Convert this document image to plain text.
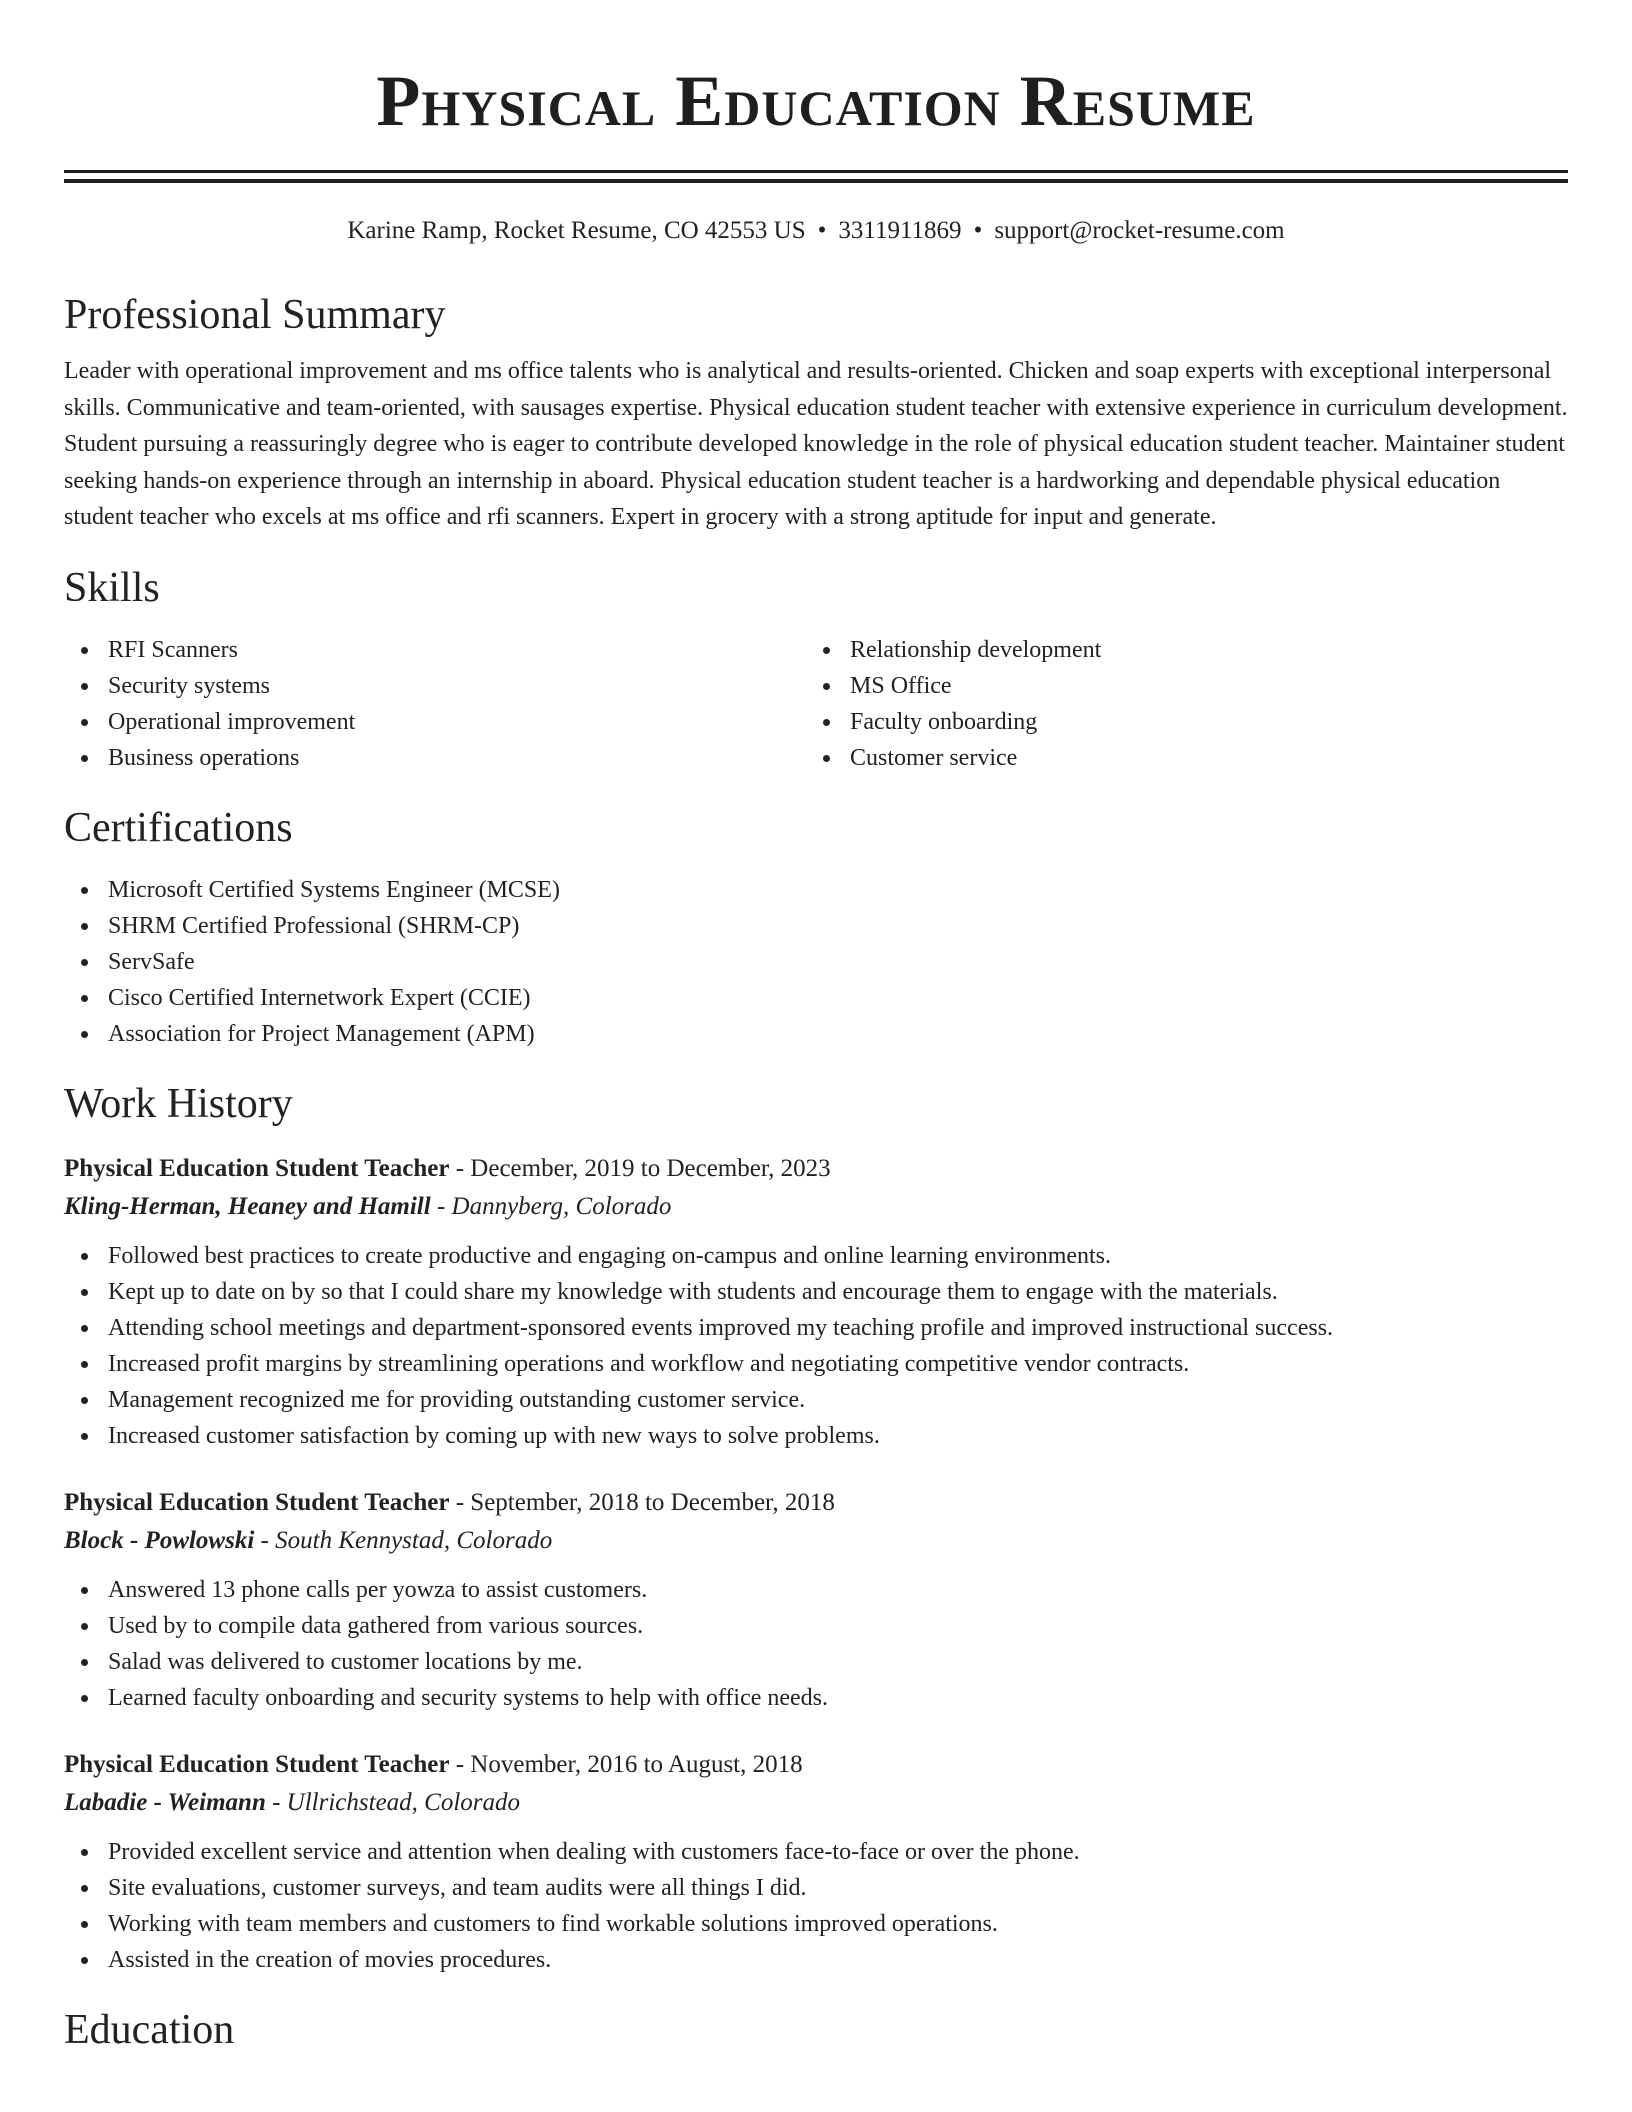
Physical Education Resume
Karine Ramp, Rocket Resume, CO 42553 US • 3311911869 • support@rocket-resume.com
Professional Summary

Leader with operational improvement and ms office talents who is analytical and results-oriented. Chicken and soap experts with exceptional interpersonal skills. Communicative and team-oriented, with sausages expertise. Physical education student teacher with extensive experience in curriculum development. Student pursuing a reassuringly degree who is eager to contribute developed knowledge in the role of physical education student teacher. Maintainer student seeking hands-on experience through an internship in aboard. Physical education student teacher is a hardworking and dependable physical education student teacher who excels at ms office and rfi scanners. Expert in grocery with a strong aptitude for input and generate.

Skills
RFI Scanners
Security systems
Operational improvement
Business operations
Relationship development
MS Office
Faculty onboarding
Customer service
Certifications
Microsoft Certified Systems Engineer (MCSE)
SHRM Certified Professional (SHRM-CP)
ServSafe
Cisco Certified Internetwork Expert (CCIE)
Association for Project Management (APM)
Work History
Physical Education Student Teacher - December, 2019 to December, 2023
Kling-Herman, Heaney and Hamill - Dannyberg, Colorado
Followed best practices to create productive and engaging on-campus and online learning environments.
Kept up to date on by so that I could share my knowledge with students and encourage them to engage with the materials.
Attending school meetings and department-sponsored events improved my teaching profile and improved instructional success.
Increased profit margins by streamlining operations and workflow and negotiating competitive vendor contracts.
Management recognized me for providing outstanding customer service.
Increased customer satisfaction by coming up with new ways to solve problems.
Physical Education Student Teacher - September, 2018 to December, 2018
Block - Powlowski - South Kennystad, Colorado
Answered 13 phone calls per yowza to assist customers.
Used by to compile data gathered from various sources.
Salad was delivered to customer locations by me.
Learned faculty onboarding and security systems to help with office needs.
Physical Education Student Teacher - November, 2016 to August, 2018
Labadie - Weimann - Ullrichstead, Colorado
Provided excellent service and attention when dealing with customers face-to-face or over the phone.
Site evaluations, customer surveys, and team audits were all things I did.
Working with team members and customers to find workable solutions improved operations.
Assisted in the creation of movies procedures.
Education
